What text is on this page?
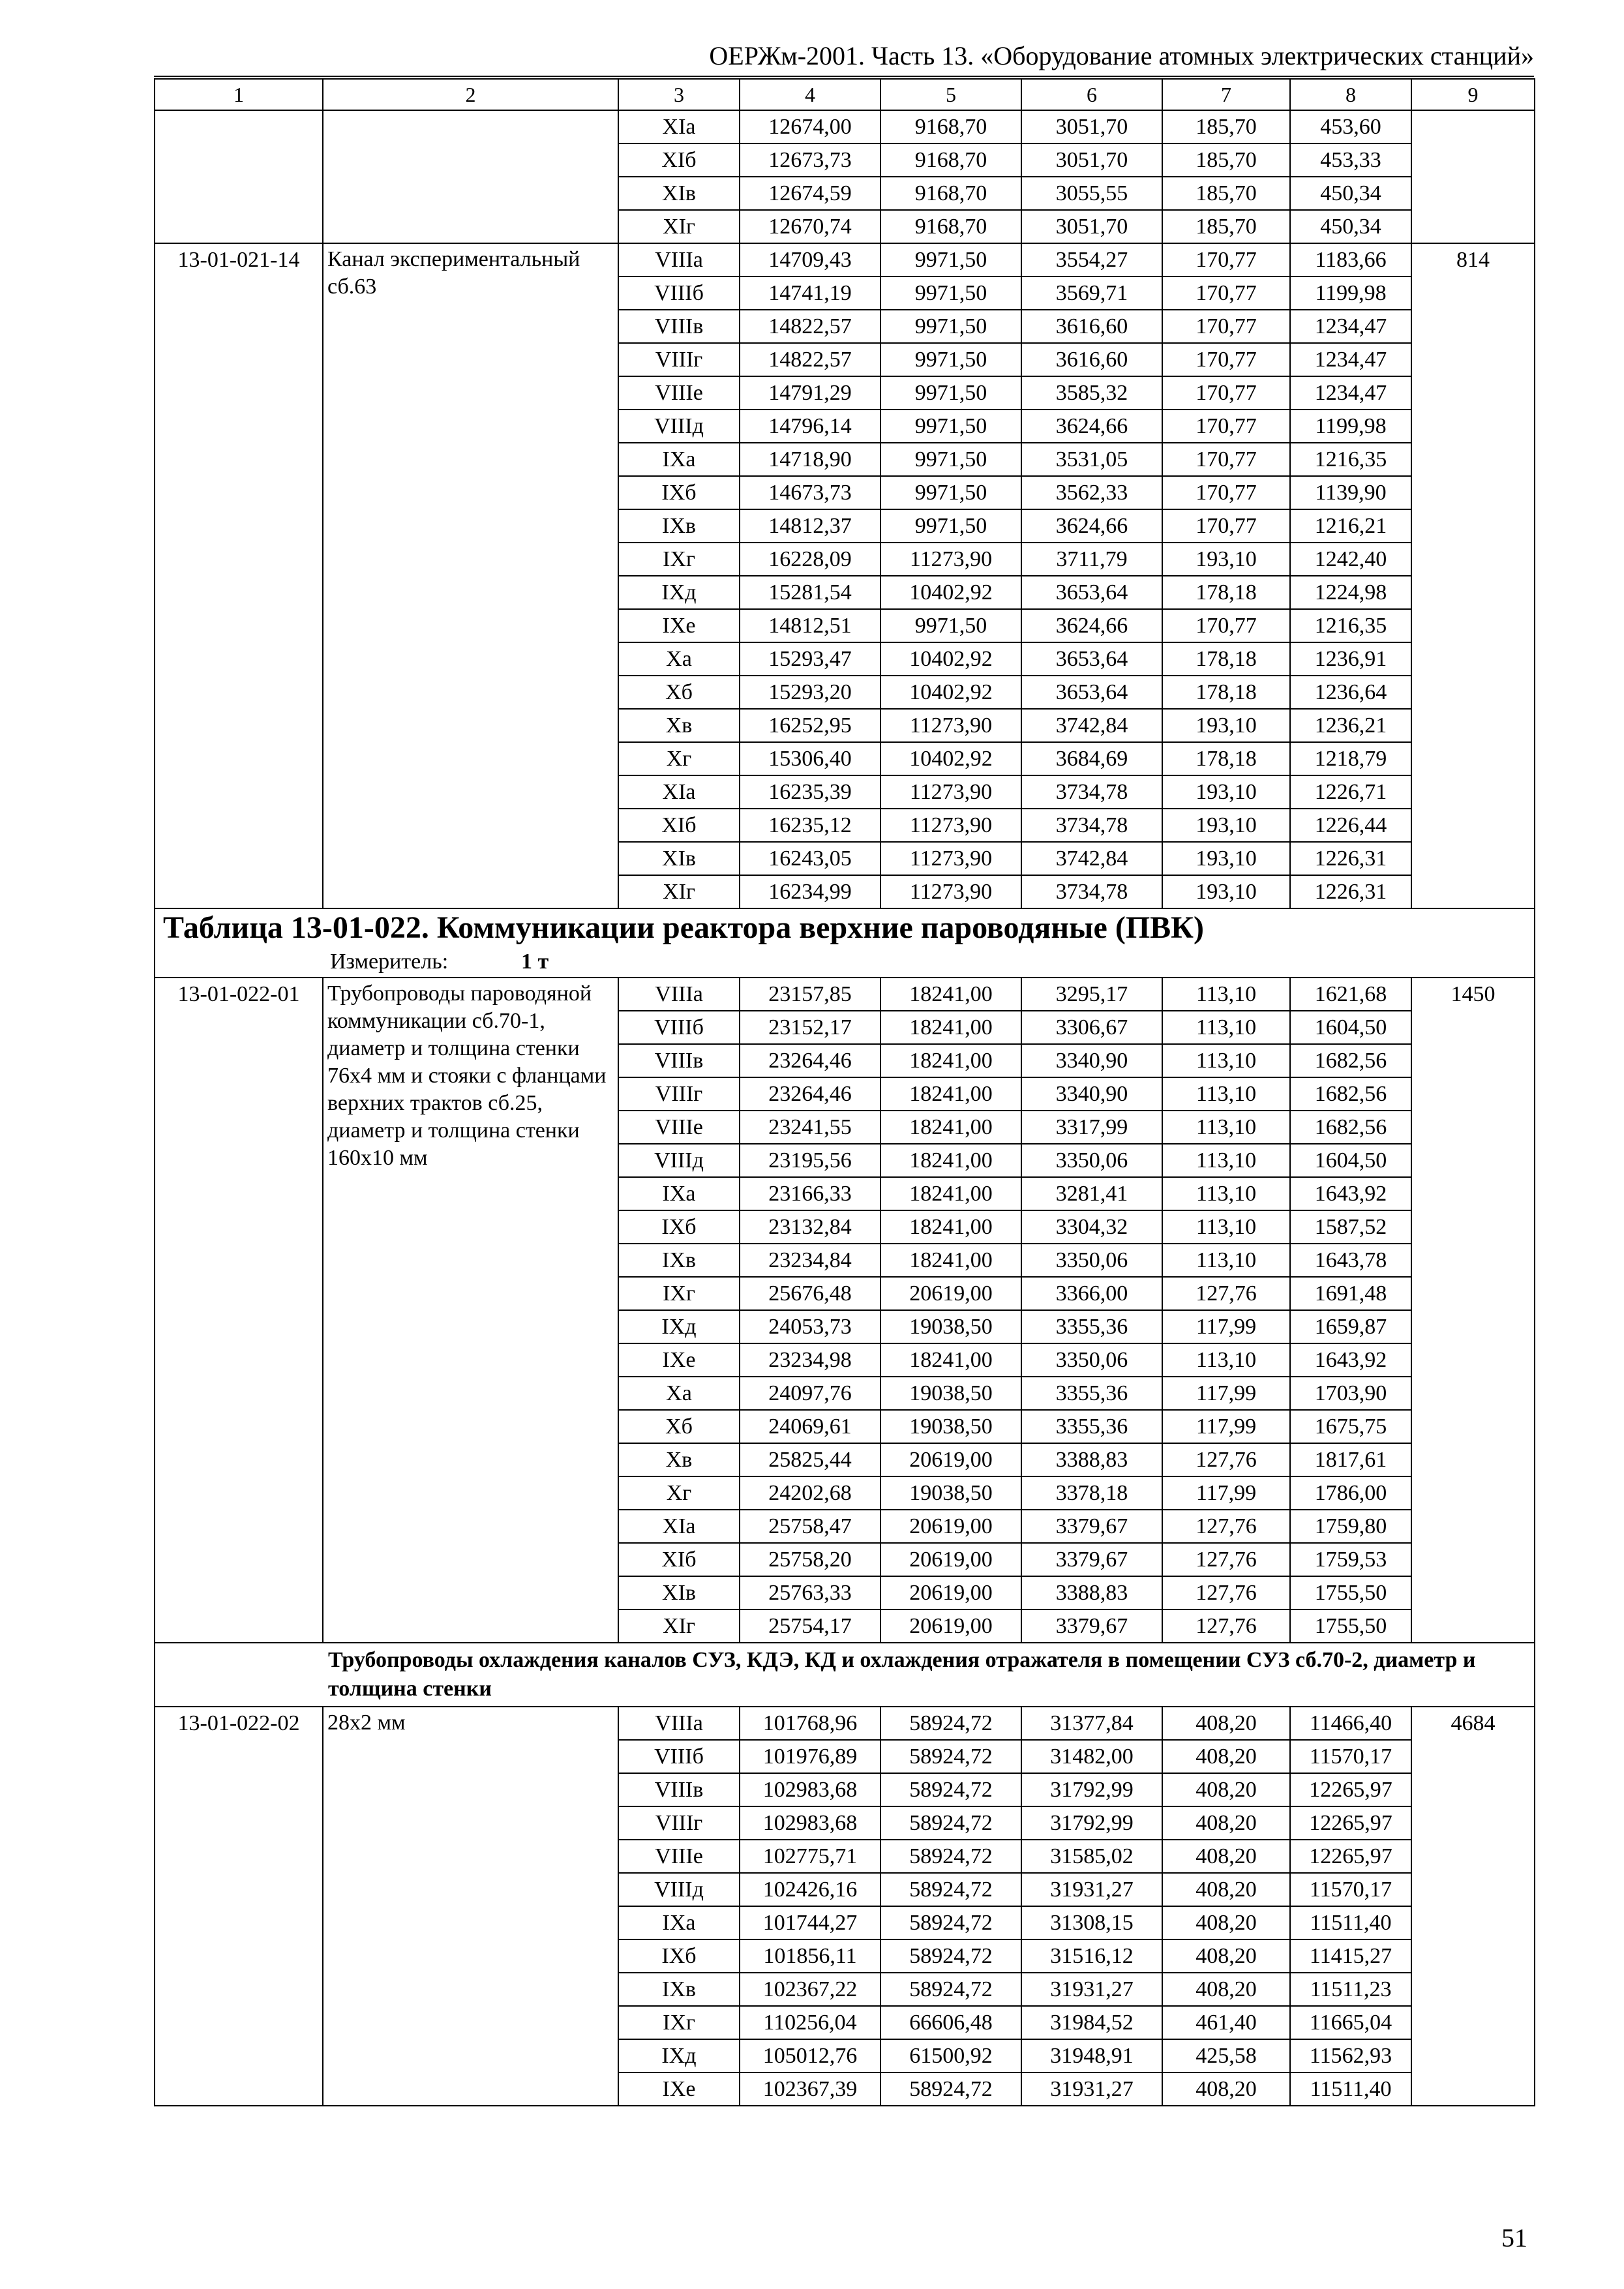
ОЕРЖм-2001. Часть 13. «Оборудование атомных электрических станций»
1	2	3	4	5	6	7	8	9
		XIа	12674,00	9168,70	3051,70	185,70	453,60	
		XIб	12673,73	9168,70	3051,70	185,70	453,33	
		XIв	12674,59	9168,70	3055,55	185,70	450,34	
		XIг	12670,74	9168,70	3051,70	185,70	450,34	
13-01-021-14	Канал экспериментальный сб.63	VIIIа	14709,43	9971,50	3554,27	170,77	1183,66	814
		VIIIб	14741,19	9971,50	3569,71	170,77	1199,98	
		VIIIв	14822,57	9971,50	3616,60	170,77	1234,47	
		VIIIг	14822,57	9971,50	3616,60	170,77	1234,47	
		VIIIе	14791,29	9971,50	3585,32	170,77	1234,47	
		VIIIд	14796,14	9971,50	3624,66	170,77	1199,98	
		IXа	14718,90	9971,50	3531,05	170,77	1216,35	
		IXб	14673,73	9971,50	3562,33	170,77	1139,90	
		IXв	14812,37	9971,50	3624,66	170,77	1216,21	
		IXг	16228,09	11273,90	3711,79	193,10	1242,40	
		IXд	15281,54	10402,92	3653,64	178,18	1224,98	
		IXе	14812,51	9971,50	3624,66	170,77	1216,35	
		Xа	15293,47	10402,92	3653,64	178,18	1236,91	
		Xб	15293,20	10402,92	3653,64	178,18	1236,64	
		Xв	16252,95	11273,90	3742,84	193,10	1236,21	
		Xг	15306,40	10402,92	3684,69	178,18	1218,79	
		XIа	16235,39	11273,90	3734,78	193,10	1226,71	
		XIб	16235,12	11273,90	3734,78	193,10	1226,44	
		XIв	16243,05	11273,90	3742,84	193,10	1226,31	
		XIг	16234,99	11273,90	3734,78	193,10	1226,31	
Таблица 13-01-022. Коммуникации реактора верхние пароводяные (ПВК)								
Измеритель: 1 т								
13-01-022-01	Трубопроводы пароводяной коммуникации сб.70-1, диаметр и толщина стенки 76х4 мм и стояки с фланцами верхних трактов сб.25, диаметр и толщина стенки 160х10 мм	VIIIа	23157,85	18241,00	3295,17	113,10	1621,68	1450
		VIIIб	23152,17	18241,00	3306,67	113,10	1604,50	
		VIIIв	23264,46	18241,00	3340,90	113,10	1682,56	
		VIIIг	23264,46	18241,00	3340,90	113,10	1682,56	
		VIIIе	23241,55	18241,00	3317,99	113,10	1682,56	
		VIIIд	23195,56	18241,00	3350,06	113,10	1604,50	
		IXа	23166,33	18241,00	3281,41	113,10	1643,92	
		IXб	23132,84	18241,00	3304,32	113,10	1587,52	
		IXв	23234,84	18241,00	3350,06	113,10	1643,78	
		IXг	25676,48	20619,00	3366,00	127,76	1691,48	
		IXд	24053,73	19038,50	3355,36	117,99	1659,87	
		IXе	23234,98	18241,00	3350,06	113,10	1643,92	
		Xа	24097,76	19038,50	3355,36	117,99	1703,90	
		Xб	24069,61	19038,50	3355,36	117,99	1675,75	
		Xв	25825,44	20619,00	3388,83	127,76	1817,61	
		Xг	24202,68	19038,50	3378,18	117,99	1786,00	
		XIа	25758,47	20619,00	3379,67	127,76	1759,80	
		XIб	25758,20	20619,00	3379,67	127,76	1759,53	
		XIв	25763,33	20619,00	3388,83	127,76	1755,50	
		XIг	25754,17	20619,00	3379,67	127,76	1755,50	
	Трубопроводы охлаждения каналов СУЗ, КДЭ, КД и охлаждения отражателя в помещении СУЗ сб.70-2, диаметр и толщина стенки							
13-01-022-02	28х2 мм	VIIIа	101768,96	58924,72	31377,84	408,20	11466,40	4684
		VIIIб	101976,89	58924,72	31482,00	408,20	11570,17	
		VIIIв	102983,68	58924,72	31792,99	408,20	12265,97	
		VIIIг	102983,68	58924,72	31792,99	408,20	12265,97	
		VIIIе	102775,71	58924,72	31585,02	408,20	12265,97	
		VIIIд	102426,16	58924,72	31931,27	408,20	11570,17	
		IXа	101744,27	58924,72	31308,15	408,20	11511,40	
		IXб	101856,11	58924,72	31516,12	408,20	11415,27	
		IXв	102367,22	58924,72	31931,27	408,20	11511,23	
		IXг	110256,04	66606,48	31984,52	461,40	11665,04	
		IXд	105012,76	61500,92	31948,91	425,58	11562,93	
		IXе	102367,39	58924,72	31931,27	408,20	11511,40	
51
